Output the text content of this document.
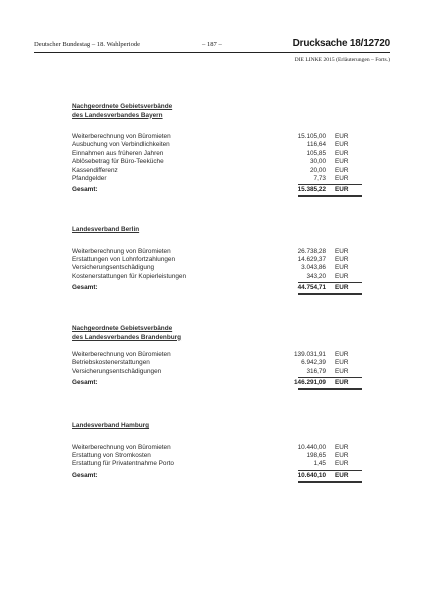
Deutscher Bundestag – 18. Wahlperiode	– 187 –	Drucksache 18/12720
DIE LINKE 2015 (Erläuterungen – Forts.)
Nachgeordnete Gebietsverbände
des Landesverbandes Bayern
Weiterberechnung von Büromieten	15.105,00 EUR
Ausbuchung von Verbindlichkeiten	116,64 EUR
Einnahmen aus früheren Jahren	105,85 EUR
Ablösebetrag für Büro-Teeküche	30,00 EUR
Kassendifferenz	20,00 EUR
Pfandgelder	7,73 EUR
Gesamt:	15.385,22 EUR
Landesverband Berlin
Weiterberechnung von Büromieten	26.738,28 EUR
Erstattungen von Lohnfortzahlungen	14.629,37 EUR
Versicherungsentschädigung	3.043,86 EUR
Kostenerstattungen für Kopierleistungen	343,20 EUR
Gesamt:	44.754,71 EUR
Nachgeordnete Gebietsverbände
des Landesverbandes Brandenburg
Weiterberechnung von Büromieten	139.031,91 EUR
Betriebskostenerstattungen	6.942,39 EUR
Versicherungsentschädigungen	316,79 EUR
Gesamt:	146.291,09 EUR
Landesverband Hamburg
Weiterberechnung von Büromieten	10.440,00 EUR
Erstattung von Stromkosten	198,65 EUR
Erstattung für Privatentnahme Porto	1,45 EUR
Gesamt:	10.640,10 EUR
